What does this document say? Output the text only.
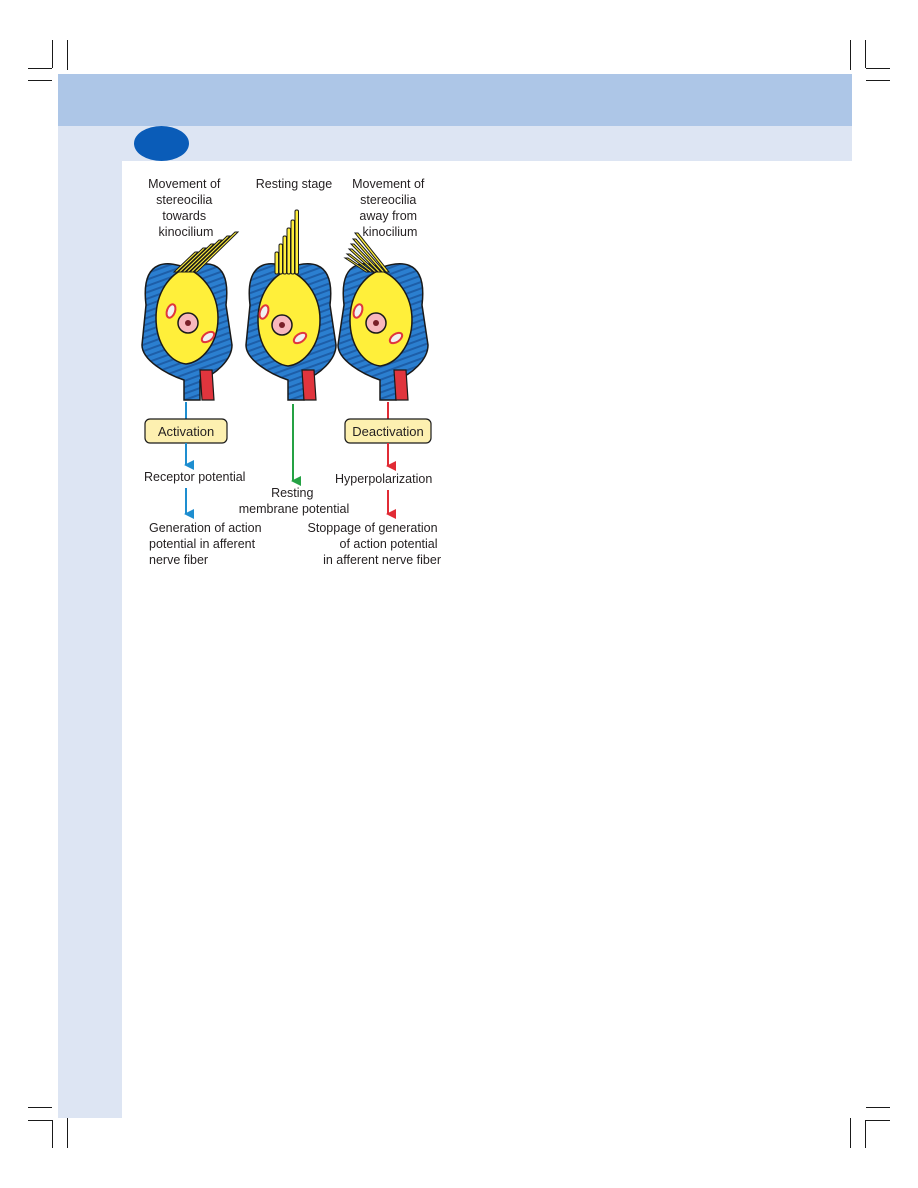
Movement of stereocilia towards kinocilium
Resting stage Movement of stereocilia away from kinocilium
Activation
Receptor potential
Generation of action potential in afferent nerve fiber
Resting membrane potential
Deactivation
Hyperpolarization
Stoppage of generation of action potential in afferent nerve fiber
